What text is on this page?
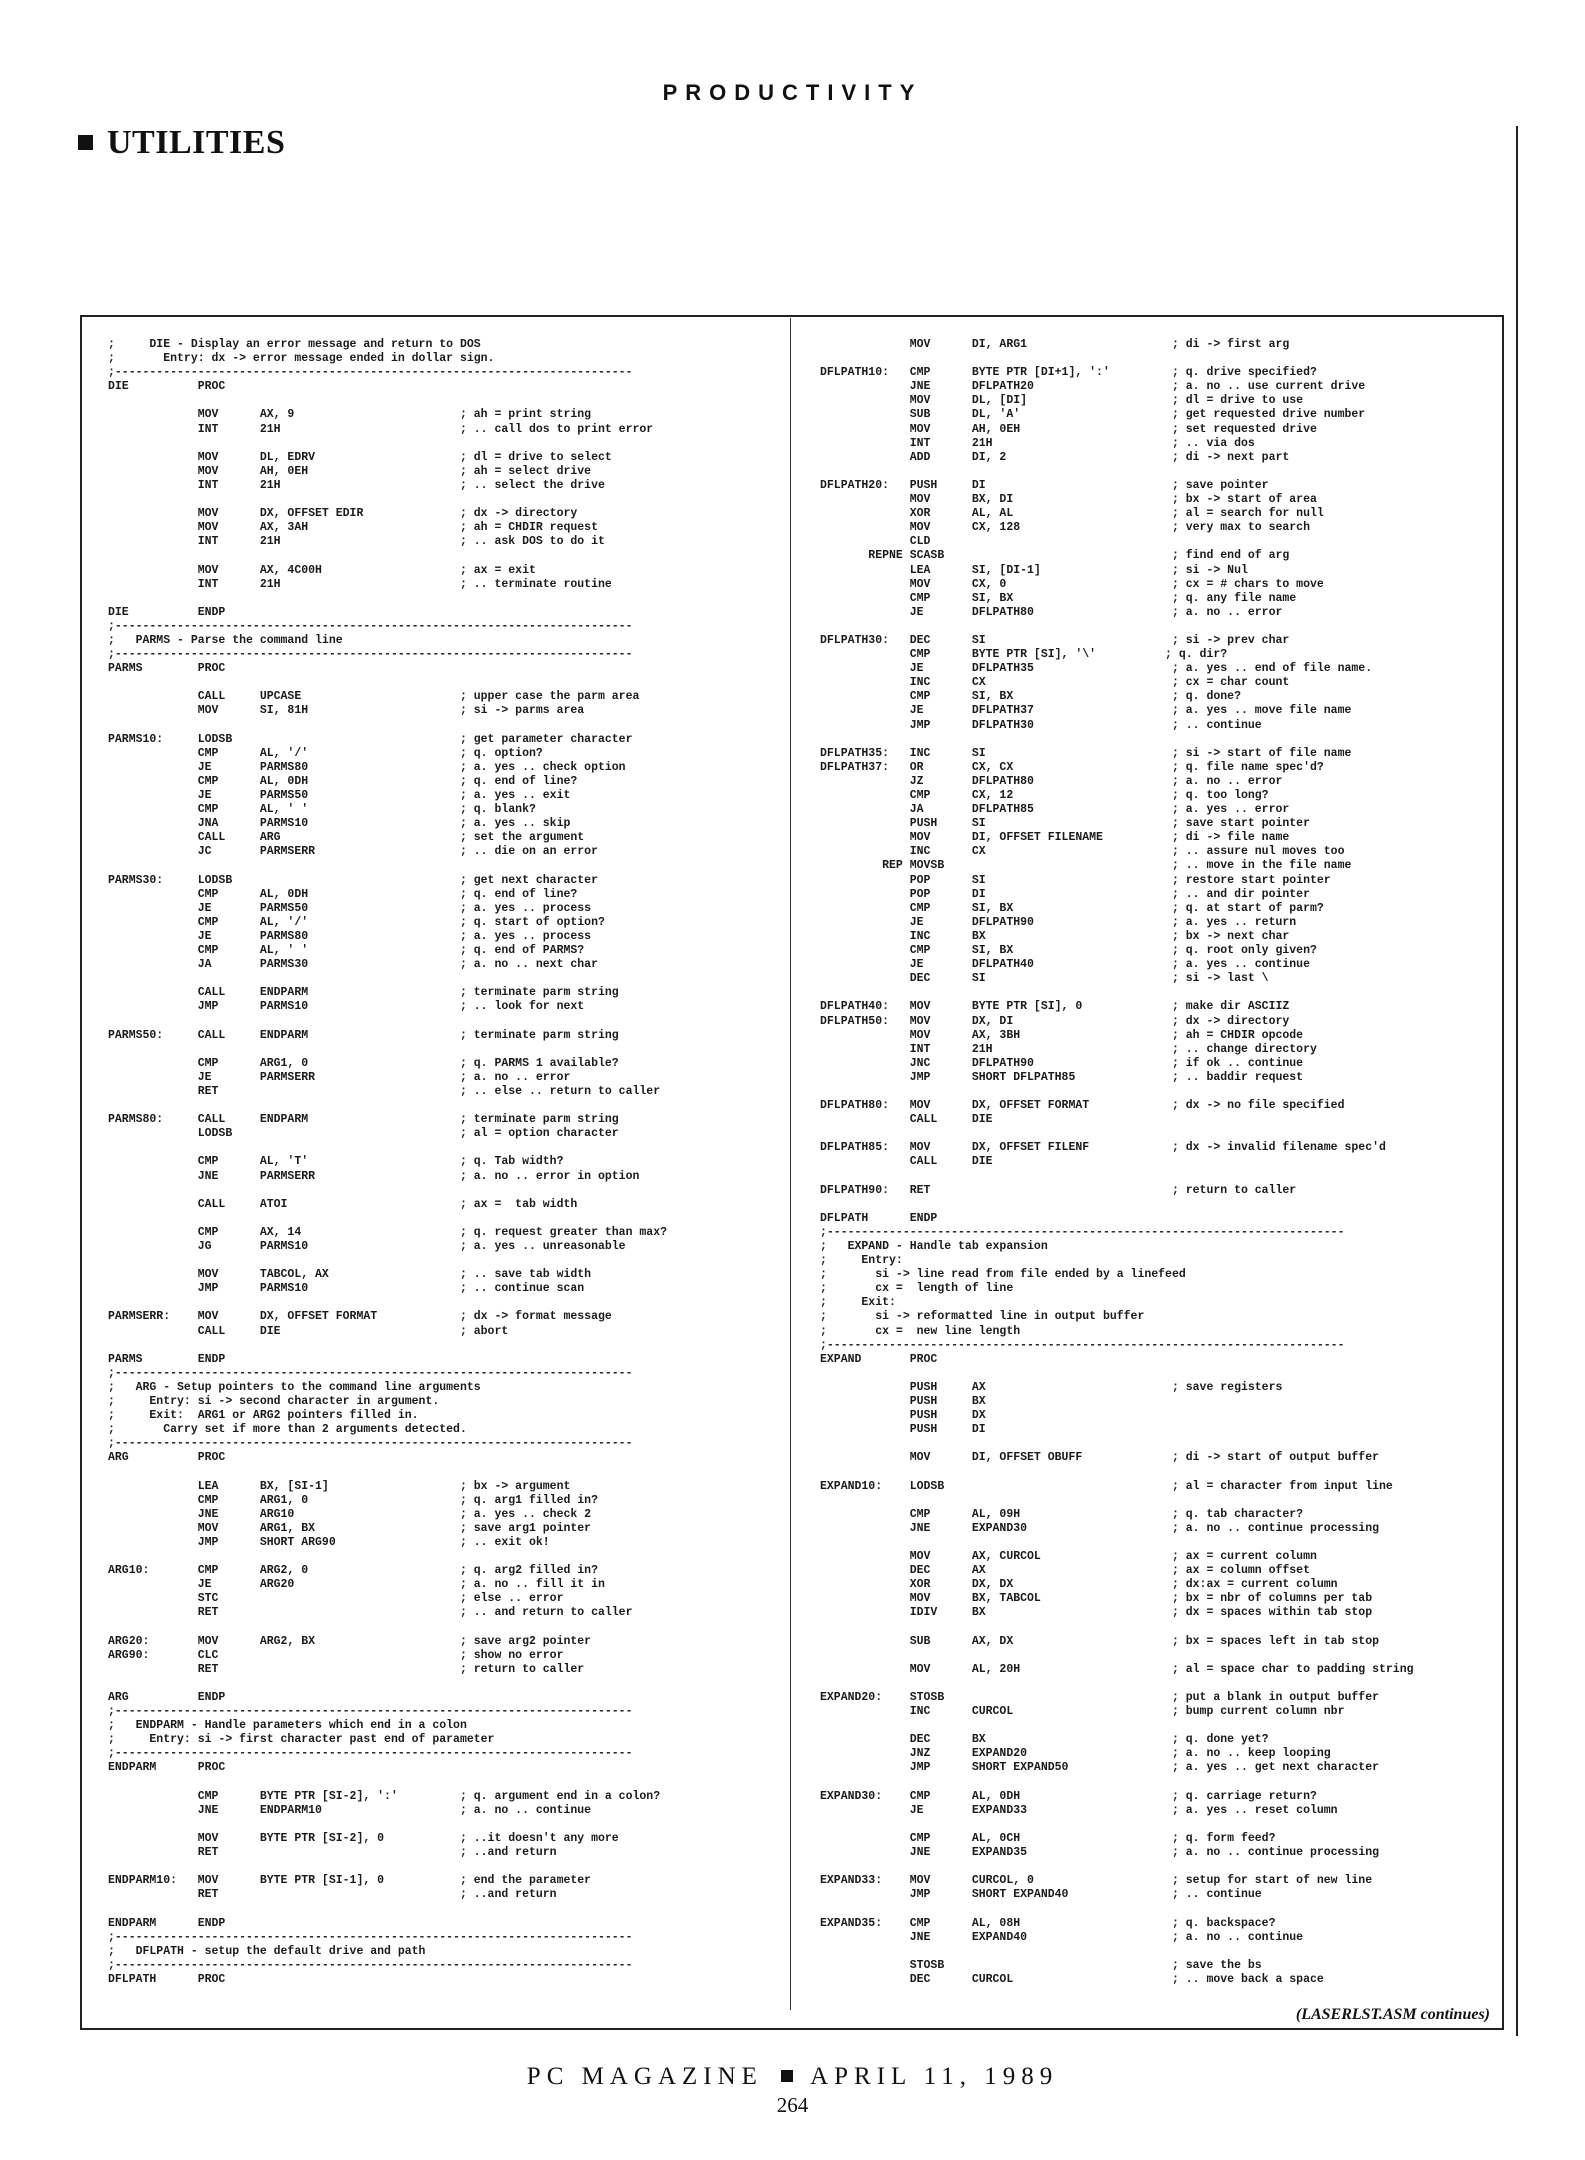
PRODUCTIVITY
UTILITIES
;     DIE - Display an error message and return to DOS
;       Entry: dx -> error message ended in dollar sign.
;---------------------------------------------------------------------------
DIE          PROC

MOV      AX, 9                        ; ah = print string
INT      21H                          ; .. call dos to print error

MOV      DL, EDRV                     ; dl = drive to select
MOV      AH, 0EH                      ; ah = select drive
INT      21H                          ; .. select the drive

MOV      DX, OFFSET EDIR              ; dx -> directory
MOV      AX, 3AH                      ; ah = CHDIR request
INT      21H                          ; .. ask DOS to do it

MOV      AX, 4C00H                    ; ax = exit
INT      21H                          ; .. terminate routine

DIE          ENDP
;---------------------------------------------------------------------------
;   PARMS - Parse the command line
;---------------------------------------------------------------------------
PARMS        PROC

CALL     UPCASE                       ; upper case the parm area
MOV      SI, 81H                      ; si -> parms area

PARMS10:     LODSB                                 ; get parameter character
CMP      AL, '/'                      ; q. option?
JE       PARMS80                      ; a. yes .. check option
CMP      AL, 0DH                      ; q. end of line?
JE       PARMS50                      ; a. yes .. exit
CMP      AL, ' '                      ; q. blank?
JNA      PARMS10                      ; a. yes .. skip
CALL     ARG                          ; set the argument
JC       PARMSERR                     ; .. die on an error

PARMS30:     LODSB                                 ; get next character
CMP      AL, 0DH                      ; q. end of line?
JE       PARMS50                      ; a. yes .. process
CMP      AL, '/'                      ; q. start of option?
JE       PARMS80                      ; a. yes .. process
CMP      AL, ' '                      ; q. end of PARMS?
JA       PARMS30                      ; a. no .. next char

CALL     ENDPARM                      ; terminate parm string
JMP      PARMS10                      ; .. look for next

PARMS50:     CALL     ENDPARM                      ; terminate parm string

CMP      ARG1, 0                      ; q. PARMS 1 available?
JE       PARMSERR                     ; a. no .. error
RET                                   ; .. else .. return to caller

PARMS80:     CALL     ENDPARM                      ; terminate parm string
LODSB                                 ; al = option character

CMP      AL, 'T'                      ; q. Tab width?
JNE      PARMSERR                     ; a. no .. error in option

CALL     ATOI                         ; ax =  tab width

CMP      AX, 14                       ; q. request greater than max?
JG       PARMS10                      ; a. yes .. unreasonable

MOV      TABCOL, AX                   ; .. save tab width
JMP      PARMS10                      ; .. continue scan

PARMSERR:    MOV      DX, OFFSET FORMAT            ; dx -> format message
CALL     DIE                          ; abort

PARMS        ENDP
;---------------------------------------------------------------------------
;   ARG - Setup pointers to the command line arguments
;     Entry: si -> second character in argument.
;     Exit:  ARG1 or ARG2 pointers filled in.
;       Carry set if more than 2 arguments detected.
;---------------------------------------------------------------------------
ARG          PROC

LEA      BX, [SI-1]                   ; bx -> argument
CMP      ARG1, 0                      ; q. arg1 filled in?
JNE      ARG10                        ; a. yes .. check 2
MOV      ARG1, BX                     ; save arg1 pointer
JMP      SHORT ARG90                  ; .. exit ok!

ARG10:       CMP      ARG2, 0                      ; q. arg2 filled in?
JE       ARG20                        ; a. no .. fill it in
STC                                   ; else .. error
RET                                   ; .. and return to caller

ARG20:       MOV      ARG2, BX                     ; save arg2 pointer
ARG90:       CLC                                   ; show no error
RET                                   ; return to caller

ARG          ENDP
;---------------------------------------------------------------------------
;   ENDPARM - Handle parameters which end in a colon
;     Entry: si -> first character past end of parameter
;---------------------------------------------------------------------------
ENDPARM      PROC

CMP      BYTE PTR [SI-2], ':'         ; q. argument end in a colon?
JNE      ENDPARM10                    ; a. no .. continue

MOV      BYTE PTR [SI-2], 0           ; ..it doesn't any more
RET                                   ; ..and return

ENDPARM10:   MOV      BYTE PTR [SI-1], 0           ; end the parameter
RET                                   ; ..and return

ENDPARM      ENDP
;---------------------------------------------------------------------------
;   DFLPATH - setup the default drive and path
;---------------------------------------------------------------------------
DFLPATH      PROC

MOV      DI, ARG1                     ; di -> first arg

DFLPATH10:   CMP      BYTE PTR [DI+1], ':'         ; q. drive specified?
JNE      DFLPATH20                    ; a. no .. use current drive
MOV      DL, [DI]                     ; dl = drive to use
SUB      DL, 'A'                      ; get requested drive number
MOV      AH, 0EH                      ; set requested drive
INT      21H                          ; .. via dos
ADD      DI, 2                        ; di -> next part

DFLPATH20:   PUSH     DI                           ; save pointer
MOV      BX, DI                       ; bx -> start of area
XOR      AL, AL                       ; al = search for null
MOV      CX, 128                      ; very max to search
CLD
REPNE SCASB                                 ; find end of arg
LEA      SI, [DI-1]                   ; si -> Nul
MOV      CX, 0                        ; cx = # chars to move
CMP      SI, BX                       ; q. any file name
JE       DFLPATH80                    ; a. no .. error

DFLPATH30:   DEC      SI                           ; si -> prev char
CMP      BYTE PTR [SI], '\'          ; q. dir?
JE       DFLPATH35                    ; a. yes .. end of file name.
INC      CX                           ; cx = char count
CMP      SI, BX                       ; q. done?
JE       DFLPATH37                    ; a. yes .. move file name
JMP      DFLPATH30                    ; .. continue

DFLPATH35:   INC      SI                           ; si -> start of file name
DFLPATH37:   OR       CX, CX                       ; q. file name spec'd?
JZ       DFLPATH80                    ; a. no .. error
CMP      CX, 12                       ; q. too long?
JA       DFLPATH85                    ; a. yes .. error
PUSH     SI                           ; save start pointer
MOV      DI, OFFSET FILENAME          ; di -> file name
INC      CX                           ; .. assure nul moves too
REP MOVSB                                 ; .. move in the file name
POP      SI                           ; restore start pointer
POP      DI                           ; .. and dir pointer
CMP      SI, BX                       ; q. at start of parm?
JE       DFLPATH90                    ; a. yes .. return
INC      BX                           ; bx -> next char
CMP      SI, BX                       ; q. root only given?
JE       DFLPATH40                    ; a. yes .. continue
DEC      SI                           ; si -> last \

DFLPATH40:   MOV      BYTE PTR [SI], 0             ; make dir ASCIIZ
DFLPATH50:   MOV      DX, DI                       ; dx -> directory
MOV      AX, 3BH                      ; ah = CHDIR opcode
INT      21H                          ; .. change directory
JNC      DFLPATH90                    ; if ok .. continue
JMP      SHORT DFLPATH85              ; .. baddir request

DFLPATH80:   MOV      DX, OFFSET FORMAT            ; dx -> no file specified
CALL     DIE

DFLPATH85:   MOV      DX, OFFSET FILENF            ; dx -> invalid filename spec'd
CALL     DIE

DFLPATH90:   RET                                   ; return to caller

DFLPATH      ENDP
;---------------------------------------------------------------------------
;   EXPAND - Handle tab expansion
;     Entry:
;       si -> line read from file ended by a linefeed
;       cx =  length of line
;     Exit:
;       si -> reformatted line in output buffer
;       cx =  new line length
;---------------------------------------------------------------------------
EXPAND       PROC

PUSH     AX                           ; save registers
PUSH     BX
PUSH     DX
PUSH     DI

MOV      DI, OFFSET OBUFF             ; di -> start of output buffer

EXPAND10:    LODSB                                 ; al = character from input line

CMP      AL, 09H                      ; q. tab character?
JNE      EXPAND30                     ; a. no .. continue processing

MOV      AX, CURCOL                   ; ax = current column
DEC      AX                           ; ax = column offset
XOR      DX, DX                       ; dx:ax = current column
MOV      BX, TABCOL                   ; bx = nbr of columns per tab
IDIV     BX                           ; dx = spaces within tab stop

SUB      AX, DX                       ; bx = spaces left in tab stop

MOV      AL, 20H                      ; al = space char to padding string

EXPAND20:    STOSB                                 ; put a blank in output buffer
INC      CURCOL                       ; bump current column nbr

DEC      BX                           ; q. done yet?
JNZ      EXPAND20                     ; a. no .. keep looping
JMP      SHORT EXPAND50               ; a. yes .. get next character

EXPAND30:    CMP      AL, 0DH                      ; q. carriage return?
JE       EXPAND33                     ; a. yes .. reset column

CMP      AL, 0CH                      ; q. form feed?
JNE      EXPAND35                     ; a. no .. continue processing

EXPAND33:    MOV      CURCOL, 0                    ; setup for start of new line
JMP      SHORT EXPAND40               ; .. continue

EXPAND35:    CMP      AL, 08H                      ; q. backspace?
JNE      EXPAND40                     ; a. no .. continue

STOSB                                 ; save the bs
DEC      CURCOL                       ; .. move back a space

(LASERLST.ASM continues)
PC MAGAZINE APRIL 11, 1989
264
